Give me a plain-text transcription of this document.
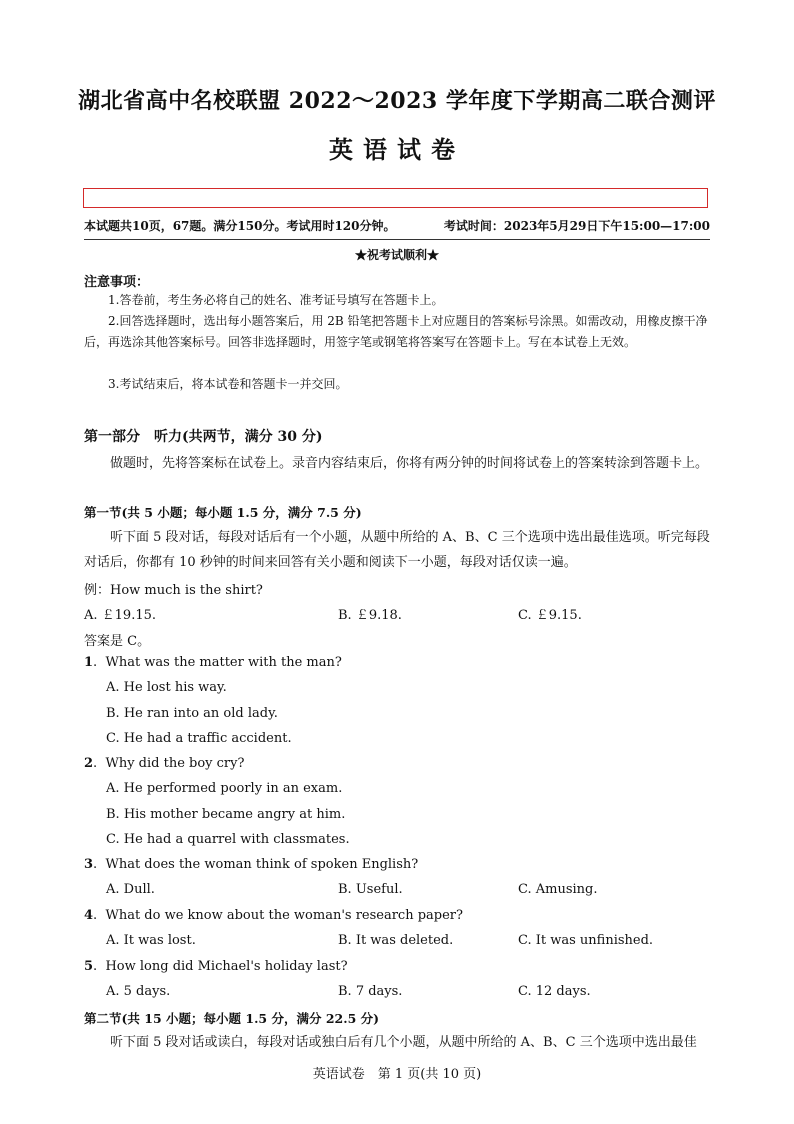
湖北省高中名校联盟 2022～2023 学年度下学期高二联合测评
英语试卷
本试题共10页，67题。满分150分。考试用时120分钟。	考试时间：2023年5月29日下午15:00—17:00
★祝考试顺利★
注意事项：
1.答卷前，考生务必将自己的姓名、准考证号填写在答题卡上。
2.回答选择题时，选出每小题答案后，用 2B 铅笔把答题卡上对应题目的答案标号涂黑。如需改动，用橡皮擦干净后，再选涂其他答案标号。回答非选择题时，用签字笔或钢笔将答案写在答题卡上。写在本试卷上无效。
3.考试结束后，将本试卷和答题卡一并交回。
第一部分　听力(共两节，满分 30 分)
做题时，先将答案标在试卷上。录音内容结束后，你将有两分钟的时间将试卷上的答案转涂到答题卡上。
第一节(共 5 小题；每小题 1.5 分，满分 7.5 分)
听下面 5 段对话，每段对话后有一个小题，从题中所给的 A、B、C 三个选项中选出最佳选项。听完每段对话后，你都有 10 秒钟的时间来回答有关小题和阅读下一小题，每段对话仅读一遍。
例：How much is the shirt?
A. ￡19.15.	B. ￡9.18.	C. ￡9.15.
答案是 C。
1.  What was the matter with the man?
A. He lost his way.
B. He ran into an old lady.
C. He had a traffic accident.
2.  Why did the boy cry?
A. He performed poorly in an exam.
B. His mother became angry at him.
C. He had a quarrel with classmates.
3.  What does the woman think of spoken English?
A. Dull.	B. Useful.	C. Amusing.
4.  What do we know about the woman's research paper?
A. It was lost.	B. It was deleted.	C. It was unfinished.
5.  How long did Michael's holiday last?
A. 5 days.	B. 7 days.	C. 12 days.
第二节(共 15 小题；每小题 1.5 分，满分 22.5 分)
听下面 5 段对话或读白，每段对话或独白后有几个小题，从题中所给的 A、B、C 三个选项中选出最佳
英语试卷　第 1 页(共 10 页)
